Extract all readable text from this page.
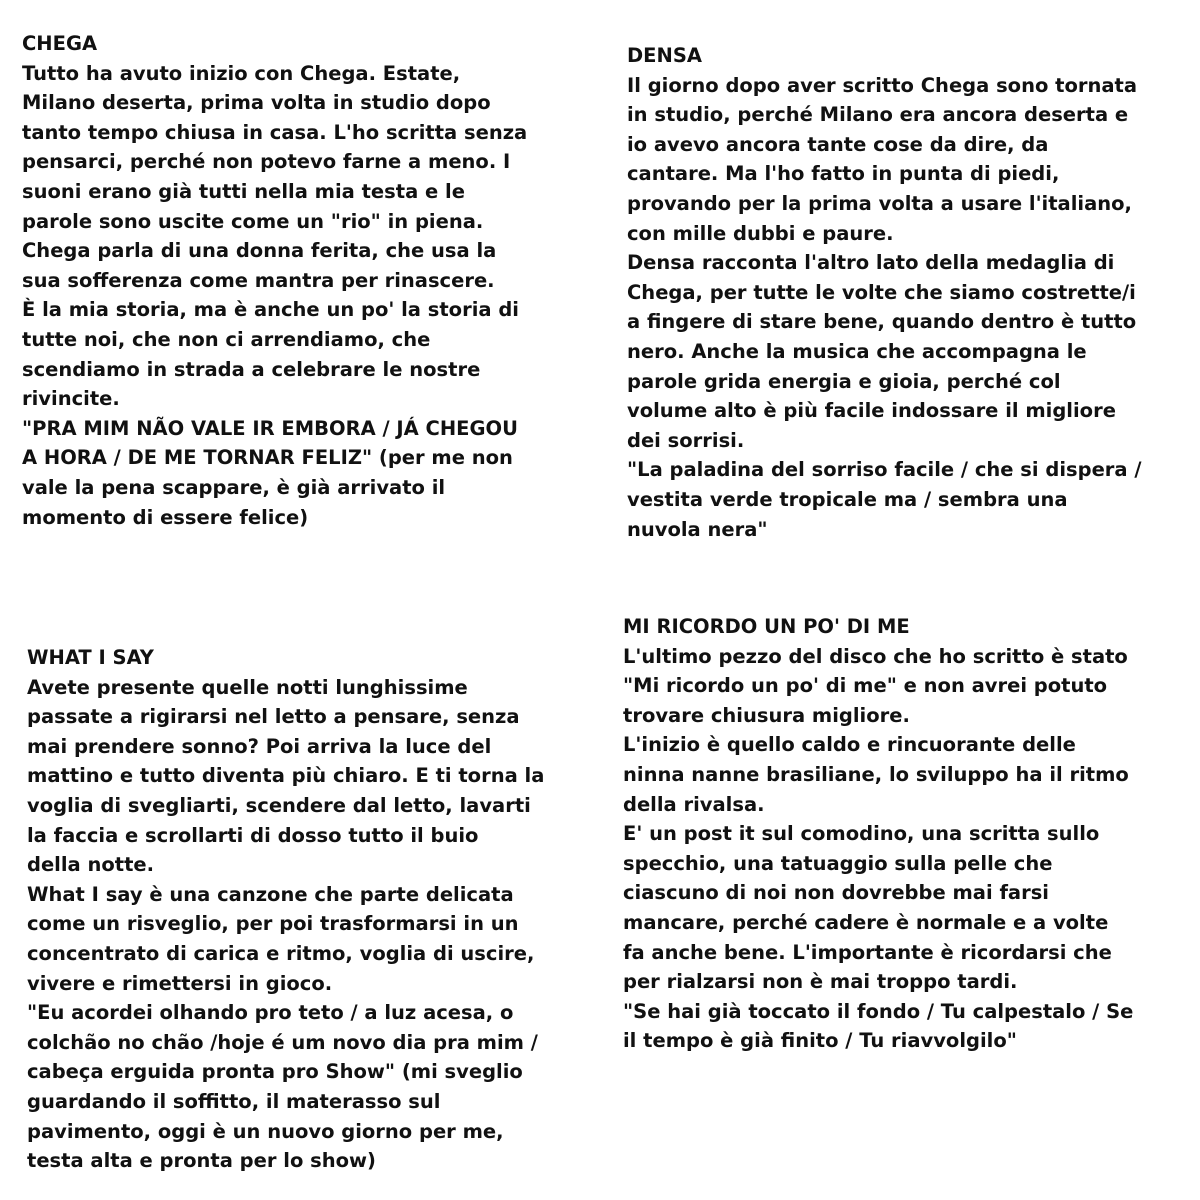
CHEGA
Tutto ha avuto inizio con Chega. Estate,
Milano deserta, prima volta in studio dopo
tanto tempo chiusa in casa. L'ho scritta senza
pensarci, perché non potevo farne a meno. I
suoni erano già tutti nella mia testa e le
parole sono uscite come un "rio" in piena.
Chega parla di una donna ferita, che usa la
sua sofferenza come mantra per rinascere.
È la mia storia, ma è anche un po' la storia di
tutte noi, che non ci arrendiamo, che
scendiamo in strada a celebrare le nostre
rivincite.
"PRA MIM NÃO VALE IR EMBORA / JÁ CHEGOU
A HORA / DE ME TORNAR FELIZ" (per me non
vale la pena scappare, è già arrivato il
momento di essere felice)
DENSA
Il giorno dopo aver scritto Chega sono tornata
in studio, perché Milano era ancora deserta e
io avevo ancora tante cose da dire, da
cantare. Ma l'ho fatto in punta di piedi,
provando per la prima volta a usare l'italiano,
con mille dubbi e paure.
Densa racconta l'altro lato della medaglia di
Chega, per tutte le volte che siamo costrette/i
a fingere di stare bene, quando dentro è tutto
nero. Anche la musica che accompagna le
parole grida energia e gioia, perché col
volume alto è più facile indossare il migliore
dei sorrisi.
"La paladina del sorriso facile / che si dispera /
vestita verde tropicale ma / sembra una
nuvola nera"
WHAT I SAY
Avete presente quelle notti lunghissime
passate a rigirarsi nel letto a pensare, senza
mai prendere sonno? Poi arriva la luce del
mattino e tutto diventa più chiaro. E ti torna la
voglia di svegliarti, scendere dal letto, lavarti
la faccia e scrollarti di dosso tutto il buio
della notte.
What I say è una canzone che parte delicata
come un risveglio, per poi trasformarsi in un
concentrato di carica e ritmo, voglia di uscire,
vivere e rimettersi in gioco.
"Eu acordei olhando pro teto / a luz acesa, o
colchão no chão /hoje é um novo dia pra mim /
cabeça erguida pronta pro Show" (mi sveglio
guardando il soffitto, il materasso sul
pavimento, oggi è un nuovo giorno per me,
testa alta e pronta per lo show)
MI RICORDO UN PO' DI ME
L'ultimo pezzo del disco che ho scritto è stato
"Mi ricordo un po' di me" e non avrei potuto
trovare chiusura migliore.
L'inizio è quello caldo e rincuorante delle
ninna nanne brasiliane, lo sviluppo ha il ritmo
della rivalsa.
E' un post it sul comodino, una scritta sullo
specchio, una tatuaggio sulla pelle che
ciascuno di noi non dovrebbe mai farsi
mancare, perché cadere è normale e a volte
fa anche bene. L'importante è ricordarsi che
per rialzarsi non è mai troppo tardi.
"Se hai già toccato il fondo / Tu calpestalo / Se
il tempo è già finito / Tu riavvolgilo"
